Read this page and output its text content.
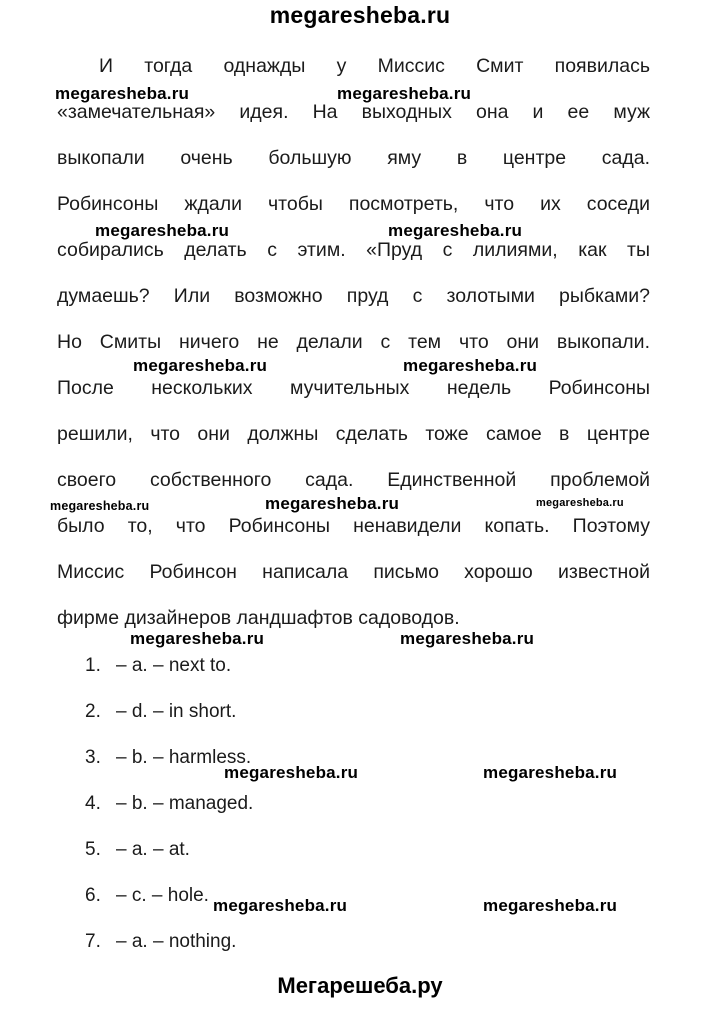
megaresheba.ru

И тогда однажды у Миссис Смит появилась

«замечательная» идея. На выходных она и ее муж

выкопали очень большую яму в центре сада.

Робинсоны ждали чтобы посмотреть, что их соседи

собирались делать с этим. «Пруд с лилиями, как ты

думаешь? Или возможно пруд с золотыми рыбками?

Но Смиты ничего не делали с тем что они выкопали.

После нескольких мучительных недель Робинсоны

решили, что они должны сделать тоже самое в центре

своего собственного сада. Единственной проблемой

было то, что Робинсоны ненавидели копать. Поэтому

Миссис Робинсон написала письмо хорошо известной

фирме дизайнеров ландшафтов садоводов.

1. – a. – next to.
2. – d. – in short.
3. – b. – harmless.
4. – b. – managed.
5. – a. – at.
6. – c. – hole.
7. – a. – nothing.
Мегарешеба.ру
megaresheba.ru	megaresheba.ru
megaresheba.ru	megaresheba.ru
megaresheba.ru	megaresheba.ru
megaresheba.ru	megaresheba.ru	megaresheba.ru
megaresheba.ru	megaresheba.ru
megaresheba.ru	megaresheba.ru
megaresheba.ru	megaresheba.ru
